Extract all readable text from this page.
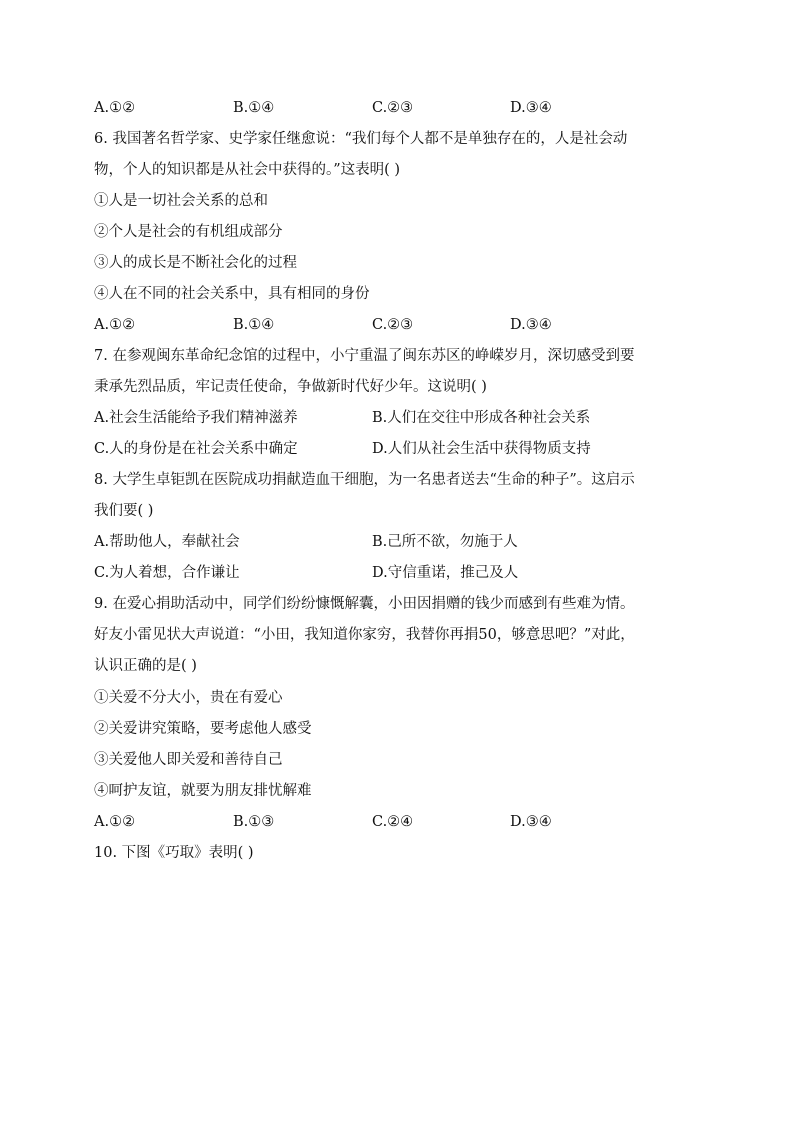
A.①②	B.①④	C.②③	D.③④
6. 我国著名哲学家、史学家任继愈说：“我们每个人都不是单独存在的，人是社会动
物，个人的知识都是从社会中获得的。”这表明( )
①人是一切社会关系的总和
②个人是社会的有机组成部分
③人的成长是不断社会化的过程
④人在不同的社会关系中，具有相同的身份
A.①②	B.①④	C.②③	D.③④
7. 在参观闽东革命纪念馆的过程中，小宁重温了闽东苏区的峥嵘岁月，深切感受到要
秉承先烈品质，牢记责任使命，争做新时代好少年。这说明( )
A.社会生活能给予我们精神滋养	B.人们在交往中形成各种社会关系
C.人的身份是在社会关系中确定	D.人们从社会生活中获得物质支持
8. 大学生卓钜凯在医院成功捐献造血干细胞，为一名患者送去“生命的种子”。这启示
我们要( )
A.帮助他人，奉献社会	B.己所不欲，勿施于人
C.为人着想，合作谦让	D.守信重诺，推己及人
9. 在爱心捐助活动中，同学们纷纷慷慨解囊，小田因捐赠的钱少而感到有些难为情。
好友小雷见状大声说道：“小田，我知道你家穷，我替你再捐50，够意思吧？”对此，
认识正确的是( )
①关爱不分大小，贵在有爱心
②关爱讲究策略，要考虑他人感受
③关爱他人即关爱和善待自己
④呵护友谊，就要为朋友排忧解难
A.①②	B.①③	C.②④	D.③④
10. 下图《巧取》表明( )
